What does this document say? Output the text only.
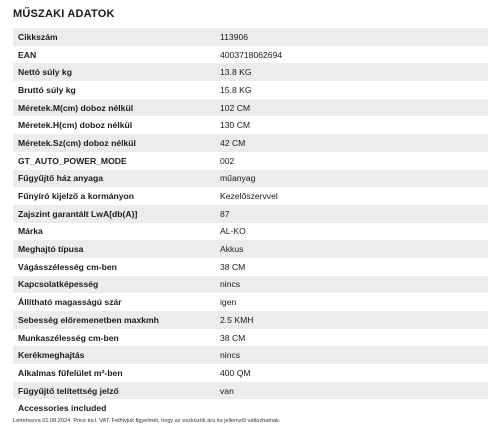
MŰSZAKI ADATOK
Cikkszám	113906
EAN	4003718062694
Nettó súly kg	13.8 KG
Bruttó súly kg	15.8 KG
Méretek.M(cm) doboz nélkül	102 CM
Méretek.H(cm) doboz nélkül	130 CM
Méretek.Sz(cm) doboz nélkül	42 CM
GT_AUTO_POWER_MODE	002
Fűgyűjtő ház anyaga	műanyag
Fűnyíró kijelző a kormányon	Kezelőszervvel
Zajszint garantált LwA[db(A)]	87
Márka	AL-KO
Meghajtó típusa	Akkus
Vágásszélesség cm-ben	38 CM
Kapcsolatképesség	nincs
Állítható magasságú szár	igen
Sebesség előremenetben maxkmh	2.5 KMH
Munkaszélesség cm-ben	38 CM
Kerékmeghajtás	nincs
Alkalmas fűfelület m²-ben	400 QM
Fűgyűjtő telítettség jelző	van
Accessories included
Létrehozva 01.08.2024. Price incl. VAT. Felhívjuk figyelmét, hogy az eszközök ára és jellemzői változhatnak.
